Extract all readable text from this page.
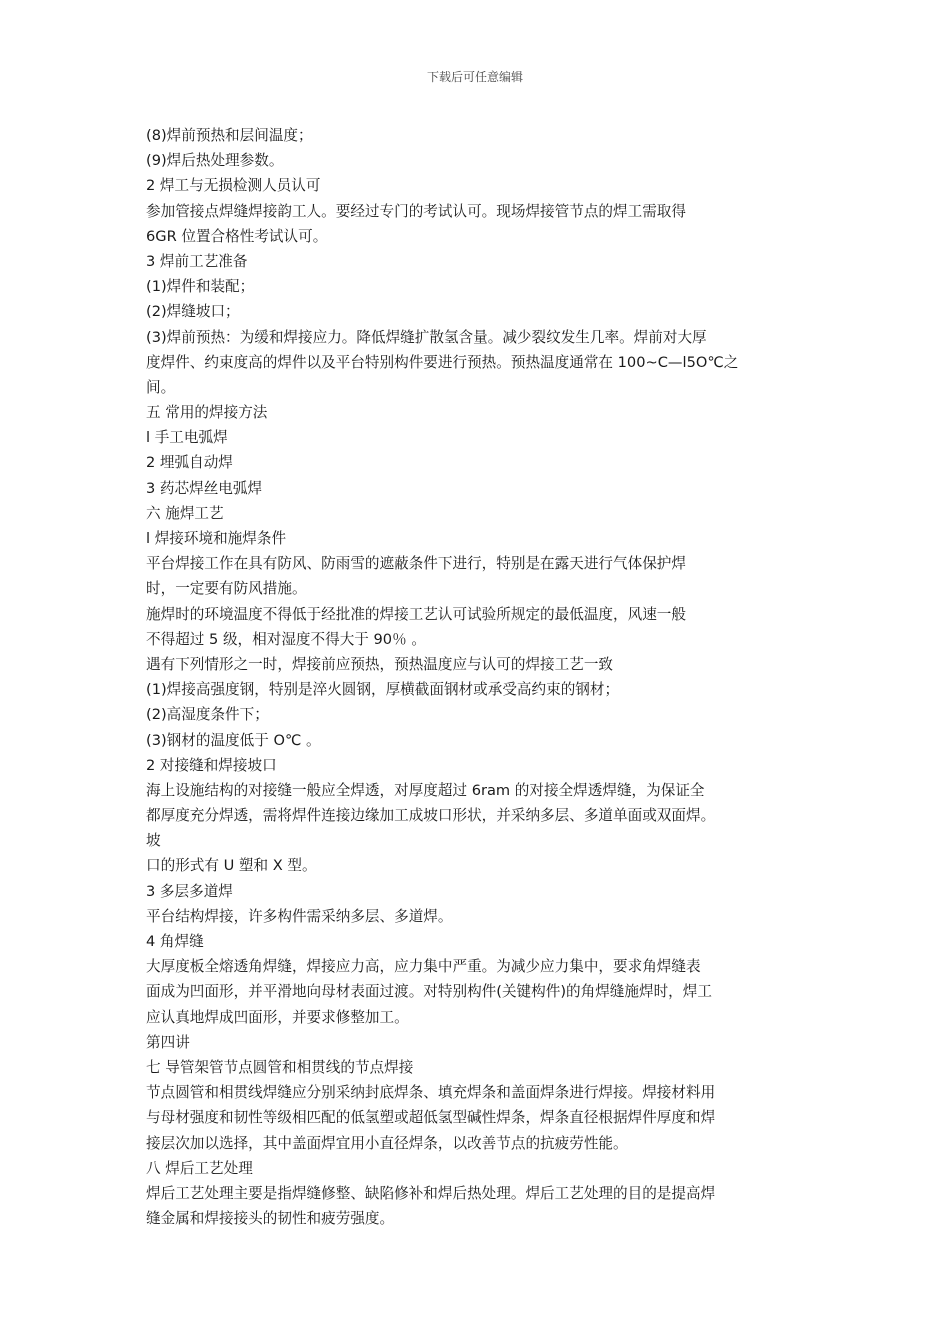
下载后可任意编辑
(8)焊前预热和层间温度；
(9)焊后热处理参数。
2 焊工与无损检测人员认可
参加管接点焊缝焊接韵工人。要经过专门的考试认可。现场焊接管节点的焊工需取得
6GR 位置合格性考试认可。
3 焊前工艺准备
(1)焊件和装配；
(2)焊缝坡口；
(3)焊前预热：为缓和焊接应力。降低焊缝扩散氢含量。减少裂纹发生几率。焊前对大厚
度焊件、约束度高的焊件以及平台特别构件要进行预热。预热温度通常在 100~C—l5O℃之
间。
五 常用的焊接方法
l 手工电弧焊
2 埋弧自动焊
3 药芯焊丝电弧焊
六 施焊工艺
l 焊接环境和施焊条件
平台焊接工作在具有防风、防雨雪的遮蔽条件下进行，特别是在露天进行气体保护焊
时，一定要有防风措施。
施焊时的环境温度不得低于经批准的焊接工艺认可试验所规定的最低温度，风速一般
不得超过 5 级，相对湿度不得大于 90％ 。
遇有下列情形之一时，焊接前应预热，预热温度应与认可的焊接工艺一致
(1)焊接高强度钢，特别是淬火圆钢，厚横截面钢材或承受高约束的钢材；
(2)高湿度条件下；
(3)钢材的温度低于 O℃ 。
2 对接缝和焊接坡口
海上设施结构的对接缝一般应全焊透，对厚度超过 6ram 的对接全焊透焊缝，为保证全
都厚度充分焊透，需将焊件连接边缘加工成坡口形状，并采纳多层、多道单面或双面焊。
坡
口的形式有 U 塑和 X 型。
3 多层多道焊
平台结构焊接，许多构件需采纳多层、多道焊。
4 角焊缝
大厚度板全熔透角焊缝，焊接应力高，应力集中严重。为减少应力集中，要求角焊缝表
面成为凹面形，并平滑地向母材表面过渡。对特别构件(关键构件)的角焊缝施焊时，焊工
应认真地焊成凹面形，并要求修整加工。
第四讲
七 导管架管节点圆管和相贯线的节点焊接
节点圆管和相贯线焊缝应分别采纳封底焊条、填充焊条和盖面焊条进行焊接。焊接材料用
与母材强度和韧性等级相匹配的低氢塑或超低氢型碱性焊条，焊条直径根据焊件厚度和焊
接层次加以选择，其中盖面焊宜用小直径焊条，以改善节点的抗疲劳性能。
八 焊后工艺处理
焊后工艺处理主要是指焊缝修整、缺陷修补和焊后热处理。焊后工艺处理的目的是提高焊
缝金属和焊接接头的韧性和疲劳强度。
